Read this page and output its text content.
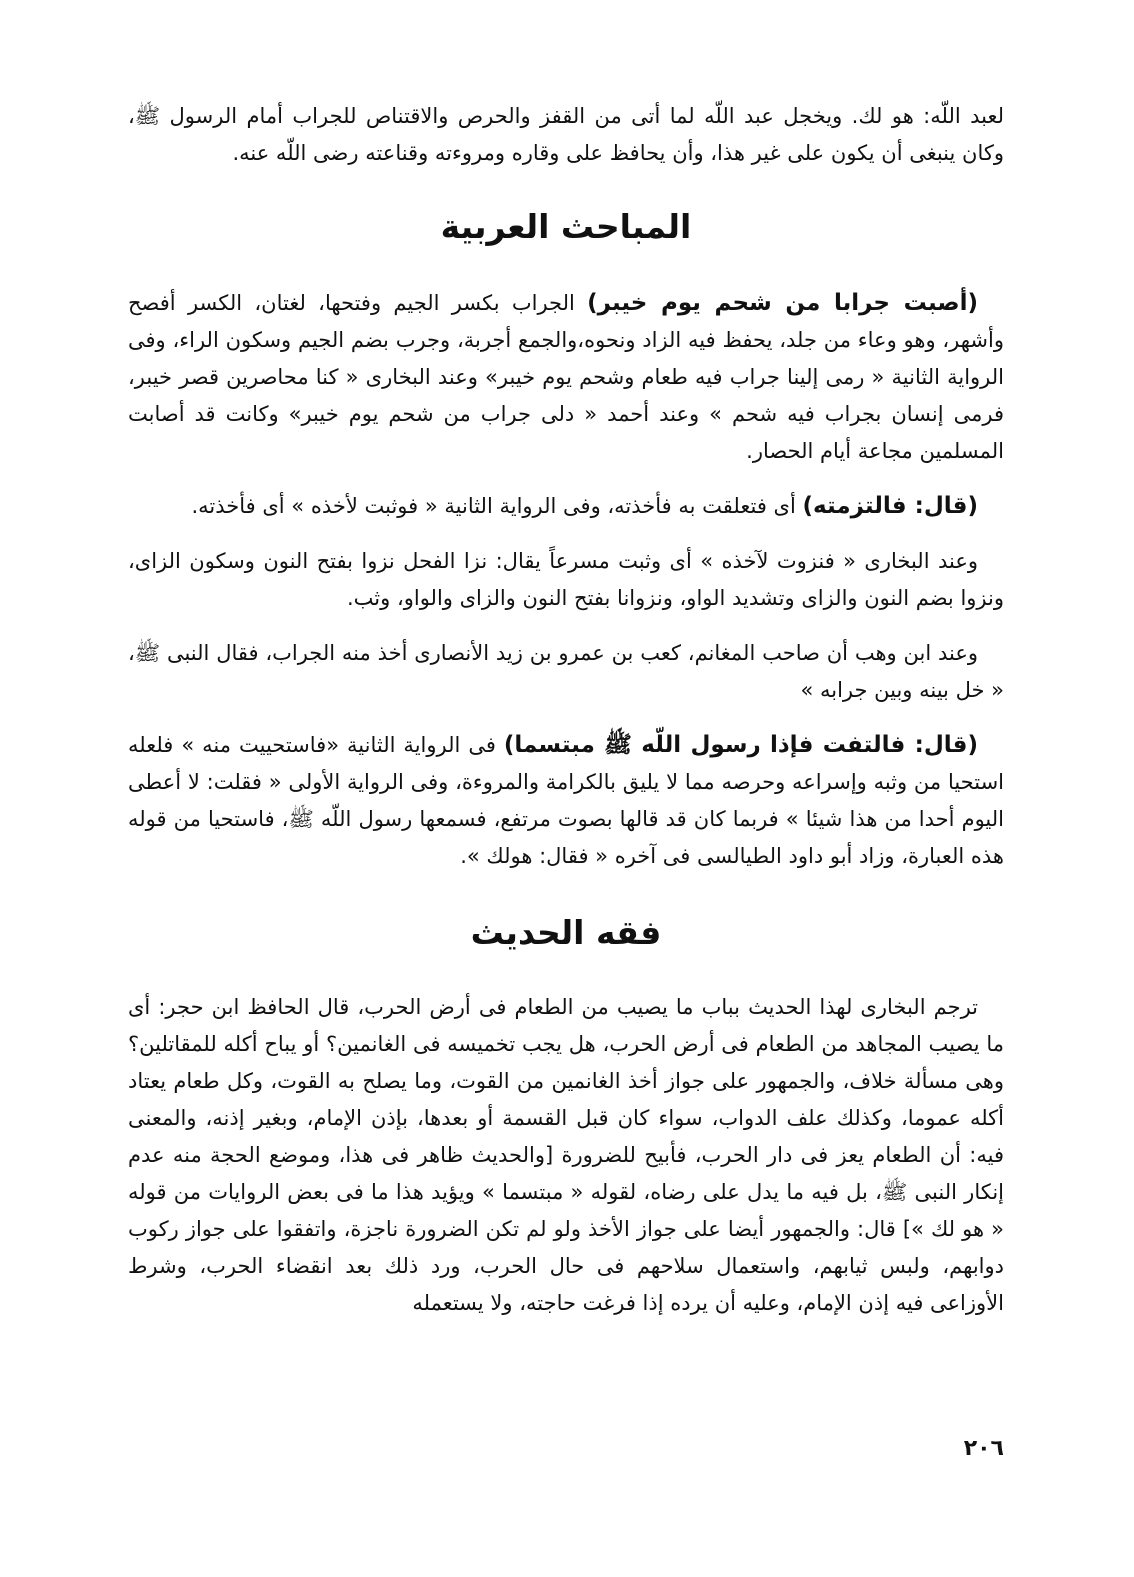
لعبد اللّه: هو لك. ويخجل عبد اللّه لما أتى من القفز والحرص والاقتناص للجراب أمام الرسول ﷺ، وكان ينبغى أن يكون على غير هذا، وأن يحافظ على وقاره ومروءته وقناعته رضى اللّه عنه.

المباحث العربية

(أصبت جرابا من شحم يوم خيبر) الجراب بكسر الجيم وفتحها، لغتان، الكسر أفصح وأشهر، وهو وعاء من جلد، يحفظ فيه الزاد ونحوه،والجمع أجربة، وجرب بضم الجيم وسكون الراء، وفى الرواية الثانية « رمى إلينا جراب فيه طعام وشحم يوم خيبر» وعند البخارى « كنا محاصرين قصر خيبر، فرمى إنسان بجراب فيه شحم » وعند أحمد « دلى جراب من شحم يوم خيبر» وكانت قد أصابت المسلمين مجاعة أيام الحصار.

(قال: فالتزمته) أى فتعلقت به فأخذته، وفى الرواية الثانية « فوثبت لأخذه » أى فأخذته.

وعند البخارى « فنزوت لآخذه » أى وثبت مسرعاً يقال: نزا الفحل نزوا بفتح النون وسكون الزاى، ونزوا بضم النون والزاى وتشديد الواو، ونزوانا بفتح النون والزاى والواو، وثب.

وعند ابن وهب أن صاحب المغانم، كعب بن عمرو بن زيد الأنصارى أخذ منه الجراب، فقال النبى ﷺ، « خل بينه وبين جرابه »

(قال: فالتفت فإذا رسول اللّه ﷺ مبتسما) فى الرواية الثانية «فاستحييت منه » فلعله استحيا من وثبه وإسراعه وحرصه مما لا يليق بالكرامة والمروءة، وفى الرواية الأولى « فقلت: لا أعطى اليوم أحدا من هذا شيئا » فربما كان قد قالها بصوت مرتفع، فسمعها رسول اللّه ﷺ، فاستحيا من قوله هذه العبارة، وزاد أبو داود الطيالسى فى آخره « فقال: هولك ».

فقه الحديث

ترجم البخارى لهذا الحديث بباب ما يصيب من الطعام فى أرض الحرب، قال الحافظ ابن حجر: أى ما يصيب المجاهد من الطعام فى أرض الحرب، هل يجب تخميسه فى الغانمين؟ أو يباح أكله للمقاتلين؟ وهى مسألة خلاف، والجمهور على جواز أخذ الغانمين من القوت، وما يصلح به القوت، وكل طعام يعتاد أكله عموما، وكذلك علف الدواب، سواء كان قبل القسمة أو بعدها، بإذن الإمام، وبغير إذنه، والمعنى فيه: أن الطعام يعز فى دار الحرب، فأبيح للضرورة [والحديث ظاهر فى هذا، وموضع الحجة منه عدم إنكار النبى ﷺ، بل فيه ما يدل على رضاه، لقوله « مبتسما » ويؤيد هذا ما فى بعض الروايات من قوله « هو لك »] قال: والجمهور أيضا على جواز الأخذ ولو لم تكن الضرورة ناجزة، واتفقوا على جواز ركوب دوابهم، ولبس ثيابهم، واستعمال سلاحهم فى حال الحرب، ورد ذلك بعد انقضاء الحرب، وشرط الأوزاعى فيه إذن الإمام، وعليه أن يرده إذا فرغت حاجته، ولا يستعمله

٢٠٦
